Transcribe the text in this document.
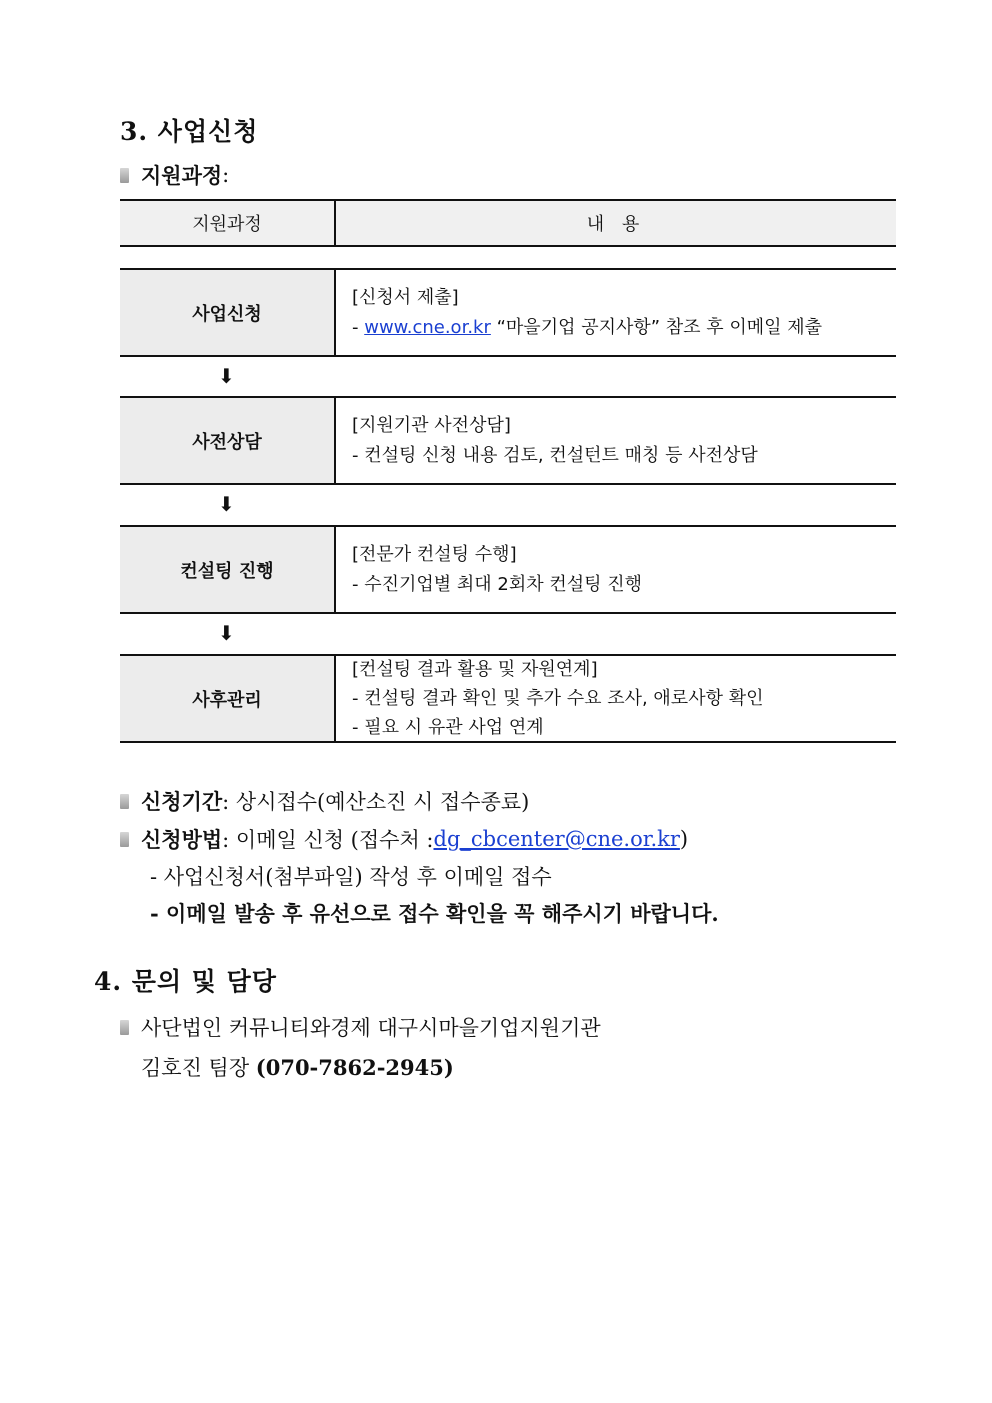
3. 사업신청
지원과정 :
지원과정	내 용
사업신청
[신청서 제출]
- www.cne.or.kr “마을기업 공지사항” 참조 후 이메일 제출
⬇
사전상담
[지원기관 사전상담]
- 컨설팅 신청 내용 검토, 컨설턴트 매칭 등 사전상담
⬇
컨설팅 진행
[전문가 컨설팅 수행]
- 수진기업별 최대 2회차 컨설팅 진행
⬇
사후관리
[컨설팅 결과 활용 및 자원연계]
- 컨설팅 결과 확인 및 추가 수요 조사, 애로사항 확인
- 필요 시 유관 사업 연계
신청기간 : 상시접수(예산소진 시 접수종료)
신청방법 : 이메일 신청 (접수처 : dg_cbcenter@cne.or.kr )
- 사업신청서(첨부파일) 작성 후 이메일 접수
- 이메일 발송 후 유선으로 접수 확인을 꼭 해주시기 바랍니다.
4. 문의 및 담당
사단법인 커뮤니티와경제 대구시마을기업지원기관
김호진 팀장 (070-7862-2945)
